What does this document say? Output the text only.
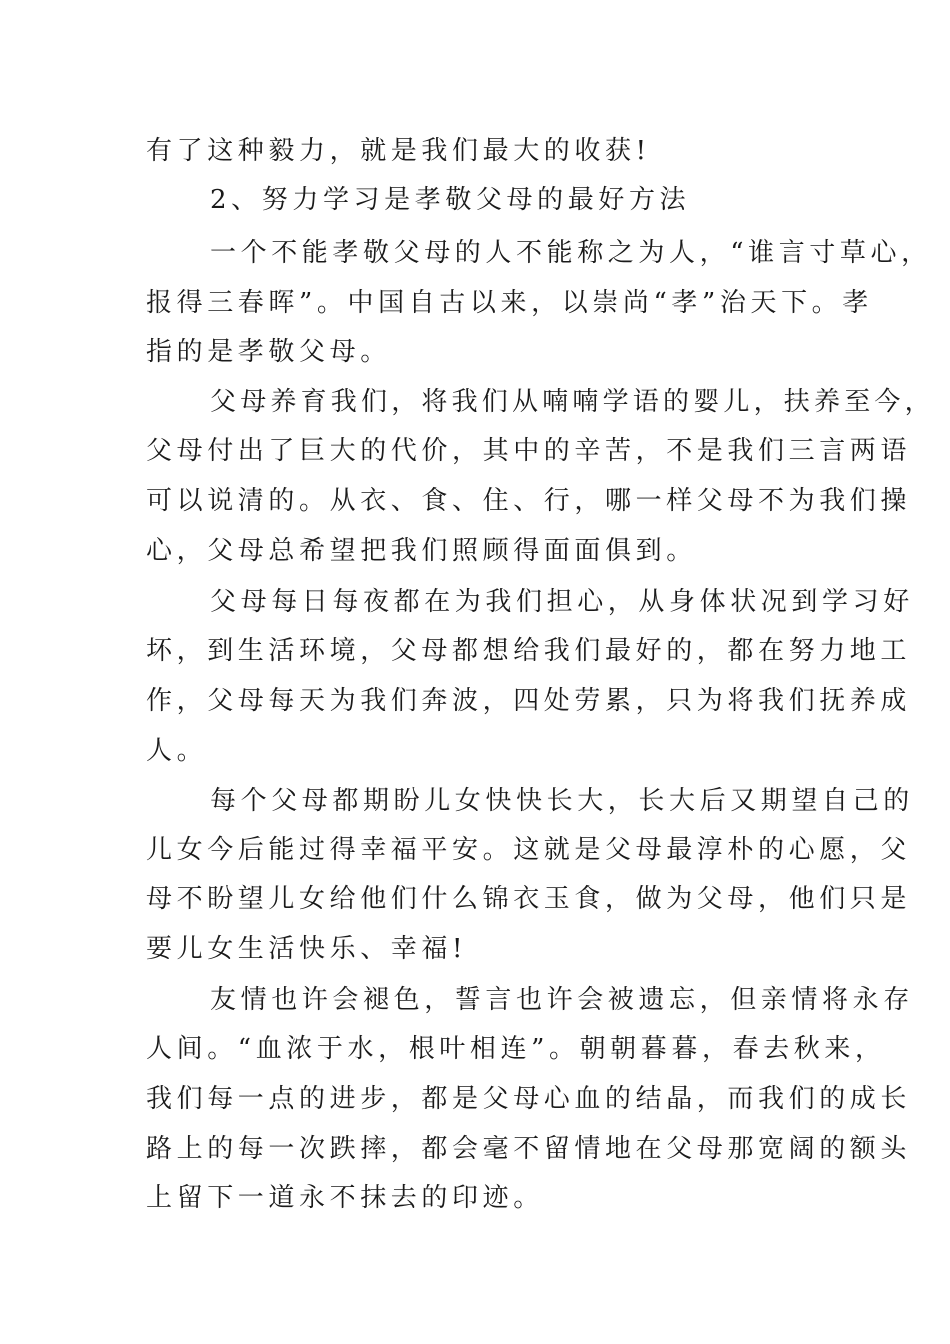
有了这种毅力，就是我们最大的收获!
2、努力学习是孝敬父母的最好方法
一个不能孝敬父母的人不能称之为人，“谁言寸草心，
报得三春晖”。中国自古以来，以崇尚“孝”治天下。孝
指的是孝敬父母。
父母养育我们，将我们从喃喃学语的婴儿，扶养至今，
父母付出了巨大的代价，其中的辛苦，不是我们三言两语
可以说清的。从衣、食、住、行，哪一样父母不为我们操
心，父母总希望把我们照顾得面面俱到。
父母每日每夜都在为我们担心，从身体状况到学习好
坏，到生活环境，父母都想给我们最好的，都在努力地工
作，父母每天为我们奔波，四处劳累，只为将我们抚养成
人。
每个父母都期盼儿女快快长大，长大后又期望自己的
儿女今后能过得幸福平安。这就是父母最淳朴的心愿，父
母不盼望儿女给他们什么锦衣玉食，做为父母，他们只是
要儿女生活快乐、幸福!
友情也许会褪色，誓言也许会被遗忘，但亲情将永存
人间。“血浓于水，根叶相连”。朝朝暮暮，春去秋来，
我们每一点的进步，都是父母心血的结晶，而我们的成长
路上的每一次跌摔，都会毫不留情地在父母那宽阔的额头
上留下一道永不抹去的印迹。
